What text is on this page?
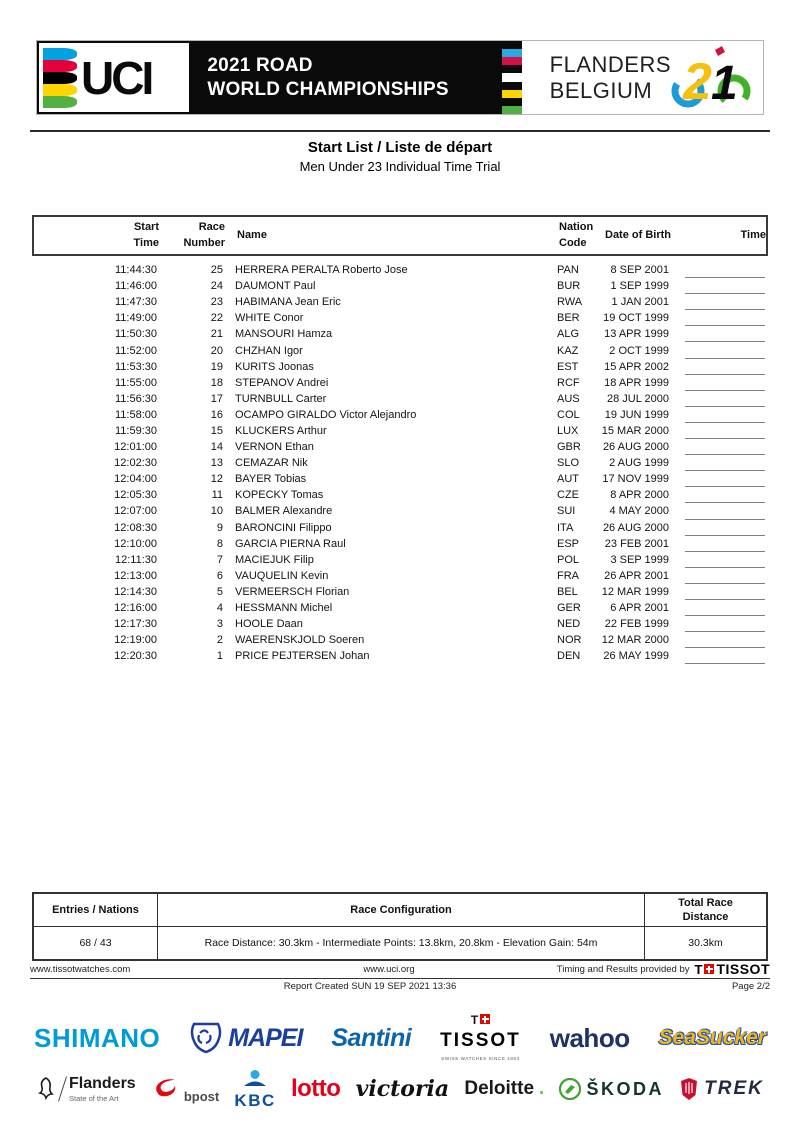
UCI	2021 ROAD
WORLD CHAMPIONSHIPS
FLANDERS
BELGIUM 2 1
Start List / Liste de départ
Men Under 23 Individual Time Trial
Start
Time
Race
Number
Name
Nation
Code
Date of Birth	Time
11:44:30	25	HERRERA PERALTA Roberto Jose	PAN	8 SEP 2001
11:46:00	24	DAUMONT Paul	BUR	1 SEP 1999
11:47:30	23	HABIMANA Jean Eric	RWA	1 JAN 2001
11:49:00	22	WHITE Conor	BER	19 OCT 1999
11:50:30	21	MANSOURI Hamza	ALG	13 APR 1999
11:52:00	20	CHZHAN Igor	KAZ	2 OCT 1999
11:53:30	19	KURITS Joonas	EST	15 APR 2002
11:55:00	18	STEPANOV Andrei	RCF	18 APR 1999
11:56:30	17	TURNBULL Carter	AUS	28 JUL 2000
11:58:00	16	OCAMPO GIRALDO Victor Alejandro	COL	19 JUN 1999
11:59:30	15	KLUCKERS Arthur	LUX	15 MAR 2000
12:01:00	14	VERNON Ethan	GBR	26 AUG 2000
12:02:30	13	CEMAZAR Nik	SLO	2 AUG 1999
12:04:00	12	BAYER Tobias	AUT	17 NOV 1999
12:05:30	11	KOPECKY Tomas	CZE	8 APR 2000
12:07:00	10	BALMER Alexandre	SUI	4 MAY 2000
12:08:30	9	BARONCINI Filippo	ITA	26 AUG 2000
12:10:00	8	GARCIA PIERNA Raul	ESP	23 FEB 2001
12:11:30	7	MACIEJUK Filip	POL	3 SEP 1999
12:13:00	6	VAUQUELIN Kevin	FRA	26 APR 2001
12:14:30	5	VERMEERSCH Florian	BEL	12 MAR 1999
12:16:00	4	HESSMANN Michel	GER	6 APR 2001
12:17:30	3	HOOLE Daan	NED	22 FEB 1999
12:19:00	2	WAERENSKJOLD Soeren	NOR	12 MAR 2000
12:20:30	1	PRICE PEJTERSEN Johan	DEN	26 MAY 1999
Entries / Nations	Race Configuration
Total Race
Distance
68 / 43	Race Distance: 30.3km - Intermediate Points: 13.8km, 20.8km - Elevation Gain: 54m	30.3km
www.tissotwatches.com	www.uci.org	Timing and Results provided by T TISSOT
Report Created SUN 19 SEP 2021 13:36	Page 2/2
SHIMANO	MAPEI Santini
T
TISSOT
SWISS WATCHES SINCE 1853
wahoo SeaSucker
Flanders
State of the Art	bpost KBC lotto victoria Deloitte . ŠKODA TREK
